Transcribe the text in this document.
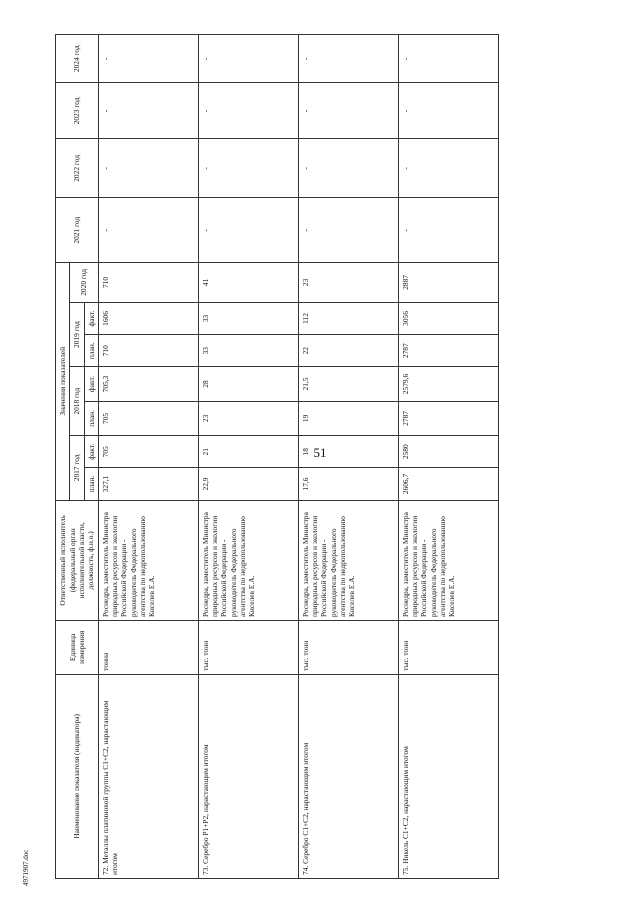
51
4971907.doc
Наименование показателя (индикатора)	Единица измерения	Ответственный исполнитель (федеральный орган исполнительной власти, должность, ф.и.о.)	Значения показателей							2021 год	2022 год	2023 год	2024 год
			2017 год		2018 год		2019 год		2020 год				
			план.	факт.	план.	факт.	план.	факт.					
72. Металлы платиновой группы С1+С2, нарастающим итогом	тонна	Роснедра, заместитель Министра природных ресурсов и экологии Российской Федерации - руководитель Федерального агентства по недропользованию Киселев Е.А.	327,1	705	705	705,3	710	1606	710	-	-	-	-
73. Серебро Р1+Р2, нарастающим итогом	тыс. тонн	Роснедра, заместитель Министра природных ресурсов и экологии Российской Федерации - руководитель Федерального агентства по недропользованию Киселев Е.А.	22,9	21	23	28	33	33	41	-	-	-	-
74. Серебро С1+С2, нарастающим итогом	тыс. тонн	Роснедра, заместитель Министра природных ресурсов и экологии Российской Федерации - руководитель Федерального агентства по недропользованию Киселев Е.А.	17,6	18	19	21,5	22	112	23	-	-	-	-
75. Никель С1+С2, нарастающим итогом	тыс. тонн	Роснедра, заместитель Министра природных ресурсов и экологии Российской Федерации - руководитель Федерального агентства по недропользованию Киселев Е.А.	2606,7	2580	2787	2579,6	2787	3056	2887	-	-	-	-
